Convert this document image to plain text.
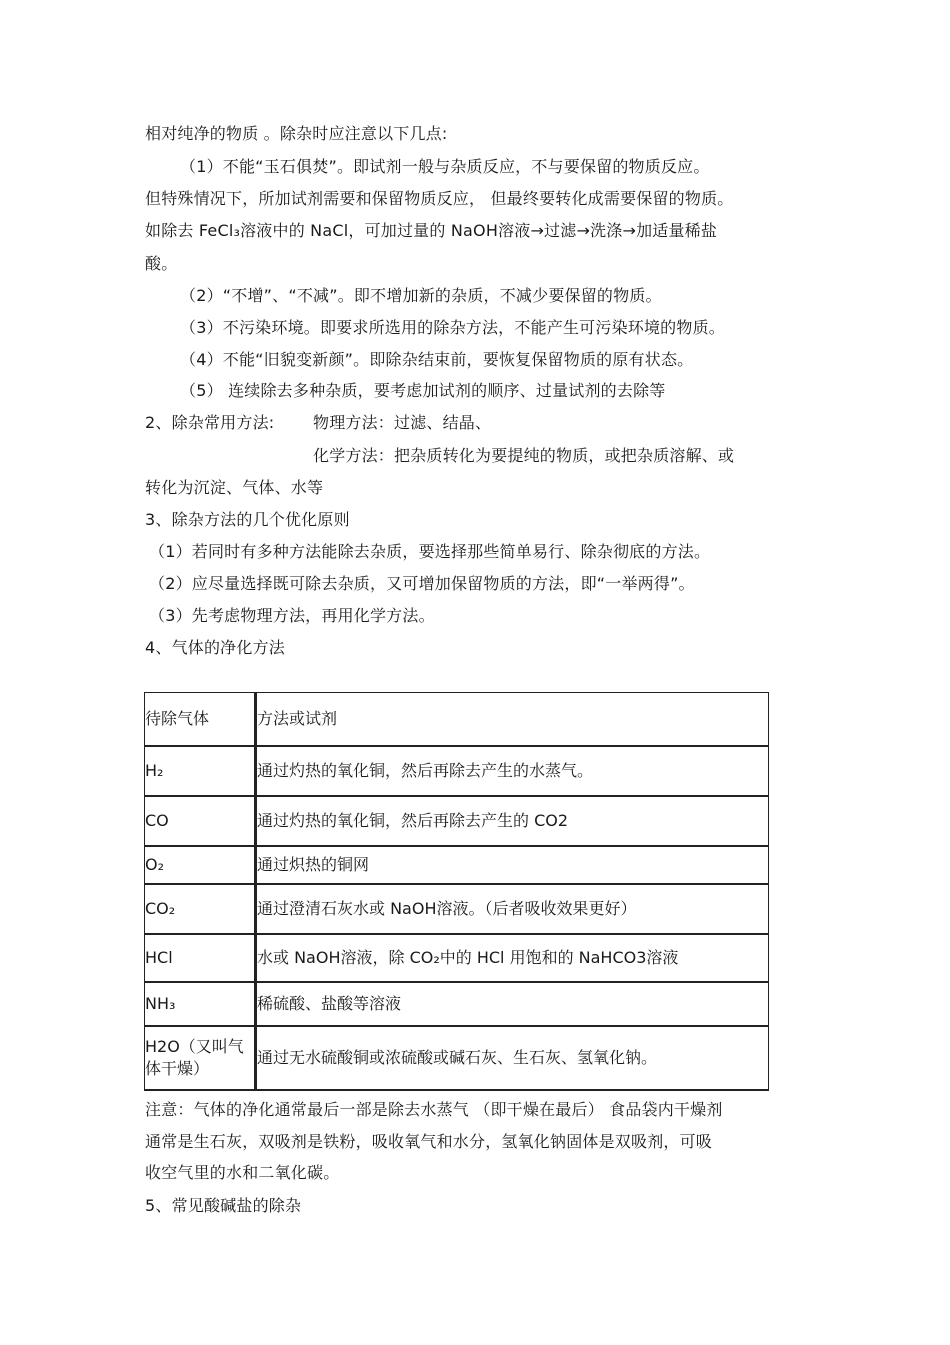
相对纯净的物质 。除杂时应注意以下几点:
（1）不能“玉石俱焚”。即试剂一般与杂质反应，不与要保留的物质反应。
但特殊情况下，所加试剂需要和保留物质反应， 但最终要转化成需要保留的物质。
如除去 FeCl₃溶液中的 NaCl，可加过量的 NaOH溶液→过滤→洗涤→加适量稀盐
酸。
（2）“不增”、“不减”。即不增加新的杂质，不减少要保留的物质。
（3）不污染环境。即要求所选用的除杂方法，不能产生可污染环境的物质。
（4）不能“旧貌变新颜”。即除杂结束前，要恢复保留物质的原有状态。
（5） 连续除去多种杂质，要考虑加试剂的顺序、过量试剂的去除等
2、除杂常用方法: 物理方法：过滤、结晶、
化学方法：把杂质转化为要提纯的物质，或把杂质溶解、或
转化为沉淀、气体、水等
3、除杂方法的几个优化原则
（1）若同时有多种方法能除去杂质，要选择那些简单易行、除杂彻底的方法。
（2）应尽量选择既可除去杂质，又可增加保留物质的方法，即“一举两得”。
（3）先考虑物理方法，再用化学方法。
4、气体的净化方法
待除气体	方法或试剂
H₂	通过灼热的氧化铜，然后再除去产生的水蒸气。
CO	通过灼热的氧化铜，然后再除去产生的 CO2
O₂	通过炽热的铜网
CO₂	通过澄清石灰水或 NaOH溶液。（后者吸收效果更好）
HCl	水或 NaOH溶液，除 CO₂中的 HCl 用饱和的 NaHCO3溶液
NH₃	稀硫酸、盐酸等溶液
H2O（又叫气体干燥）	通过无水硫酸铜或浓硫酸或碱石灰、生石灰、氢氧化钠。
注意：气体的净化通常最后一部是除去水蒸气 （即干燥在最后） 食品袋内干燥剂
通常是生石灰，双吸剂是铁粉，吸收氧气和水分，氢氧化钠固体是双吸剂，可吸
收空气里的水和二氧化碳。
5、常见酸碱盐的除杂
